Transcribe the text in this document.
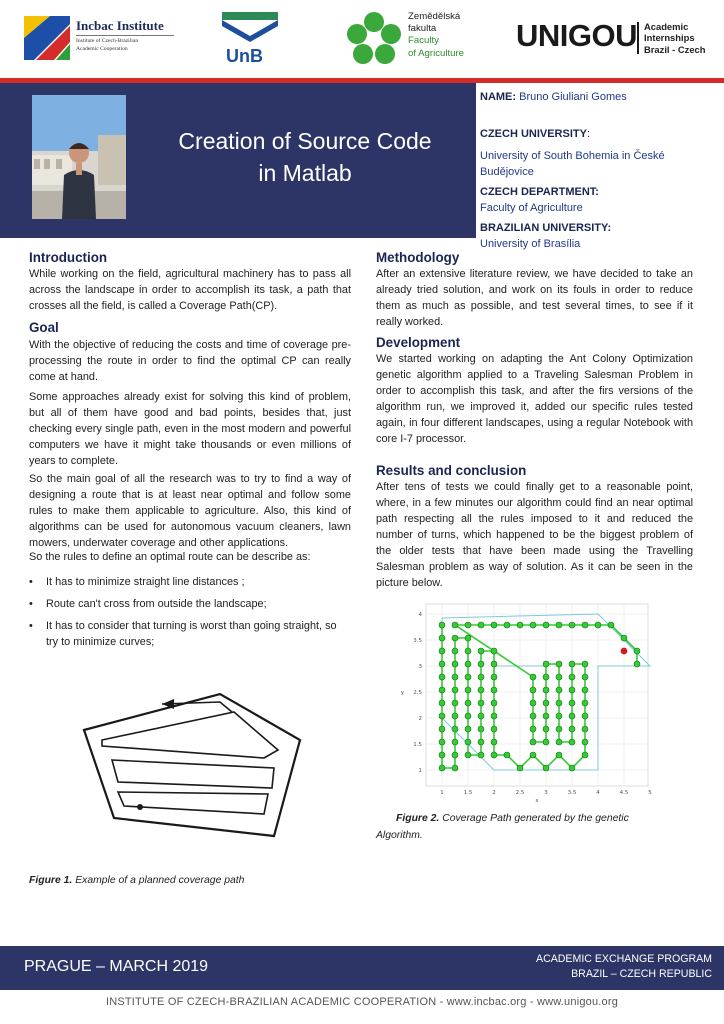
Incbac Institute
Institute of Czech-Brazilian
Academic Cooperation	UnB
Zemědělská
fakulta
Faculty
of Agriculture
UNIGOU Academic
Internships
Brazil - Czech
Creation of Source Code
in Matlab
NAME: Bruno Giuliani Gomes
CZECH UNIVERSITY:
University of South Bohemia in České
Budějovice
CZECH DEPARTMENT:
Faculty of Agriculture
BRAZILIAN UNIVERSITY:
University of Brasília
Introduction
While working on the field, agricultural machinery has to pass all across the landscape in order to accomplish its task, a path that crosses all the field, is called a Coverage Path(CP).
Goal
With the objective of reducing the costs and time of coverage pre-processing the route in order to find the optimal CP can really come at hand.
Some approaches already exist for solving this kind of problem, but all of them have good and bad points, besides that, just checking every single path, even in the most modern and powerful computers we have it might take thousands or even millions of years to complete.
So the main goal of all the research was to try to find a way of designing a route that is at least near optimal and follow some rules to make them applicable to agriculture. Also, this kind of algorithms can be used for autonomous vacuum cleaners, lawn mowers, underwater coverage and other applications.
So the rules to define an optimal route can be describe as:
• It has to minimize straight line distances ;
• Route can't cross from outside the landscape;
• It has to consider that turning is worst than going straight, so try to minimize curves;
Figure 1. Example of a planned coverage path
Methodology
After an extensive literature review, we have decided to take an already tried solution, and work on its fouls in order to reduce them as much as possible, and test several times, to see if it really worked.
Development
We started working on adapting the Ant Colony Optimization genetic algorithm applied to a Traveling Salesman Problem in order to accomplish this task, and after the firs versions of the algorithm run, we improved it, added our specific rules tested again, in four different landscapes, using a regular Notebook with core I-7 processor.
Results and conclusion
After tens of tests we could finally get to a reasonable point, where, in a few minutes our algorithm could find an near optimal path respecting all the rules imposed to it and reduced the number of turns, which happened to be the biggest problem of the older tests that have been made using the Travelling Salesman problem as way of solution. As it can be seen in the picture below.
1	1.5	2	2.5	3	3.5	4	4.5	5
x
1
1.5
2
2.5
3
3.5
4
y
Figure 2. Coverage Path generated by the genetic
Algorithm.
PRAGUE – MARCH 2019	ACADEMIC EXCHANGE PROGRAM
BRAZIL – CZECH REPUBLIC
INSTITUTE OF CZECH-BRAZILIAN ACADEMIC COOPERATION - www.incbac.org - www.unigou.org
